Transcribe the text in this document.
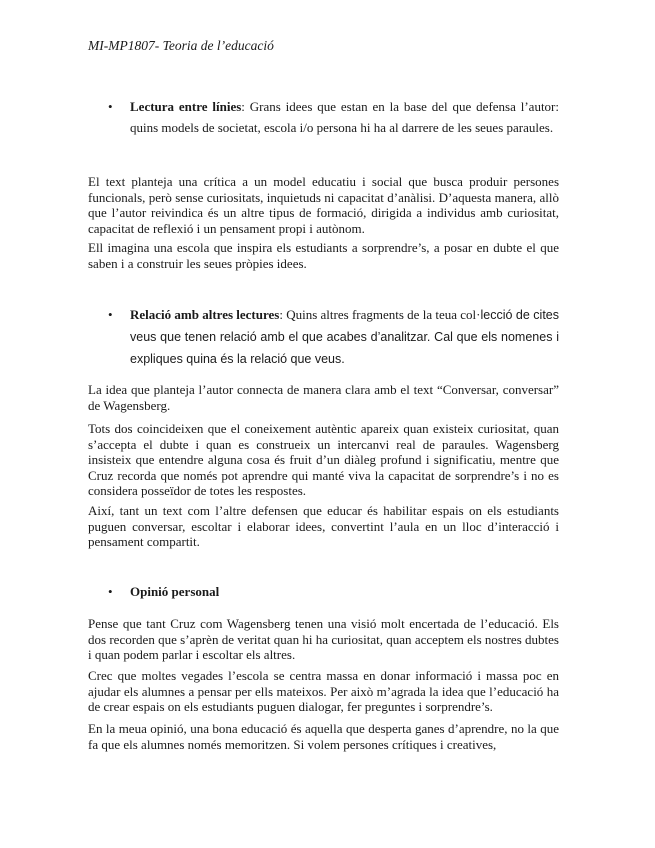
MI-MP1807- Teoria de l’educació
• Lectura entre línies: Grans idees que estan en la base del que defensa l’autor: quins models de societat, escola i/o persona hi ha al darrere de les seues paraules.

El text planteja una crítica a un model educatiu i social que busca produir persones funcionals, però sense curiositats, inquietuds ni capacitat d’anàlisi. D’aquesta manera, allò que l’autor reivindica és un altre tipus de formació, dirigida a individus amb curiositat, capacitat de reflexió i un pensament propi i autònom.

Ell imagina una escola que inspira els estudiants a sorprendre’s, a posar en dubte el que saben i a construir les seues pròpies idees.

• Relació amb altres lectures: Quins altres fragments de la teua col·lecció de cites veus que tenen relació amb el que acabes d’analitzar. Cal que els nomenes i expliques quina és la relació que veus.

La idea que planteja l’autor connecta de manera clara amb el text “Conversar, conversar” de Wagensberg.

Tots dos coincideixen que el coneixement autèntic apareix quan existeix curiositat, quan s’accepta el dubte i quan es construeix un intercanvi real de paraules. Wagensberg insisteix que entendre alguna cosa és fruit d’un diàleg profund i significatiu, mentre que Cruz recorda que només pot aprendre qui manté viva la capacitat de sorprendre’s i no es considera posseïdor de totes les respostes.

Així, tant un text com l’altre defensen que educar és habilitar espais on els estudiants puguen conversar, escoltar i elaborar idees, convertint l’aula en un lloc d’interacció i pensament compartit.

• Opinió personal

Pense que tant Cruz com Wagensberg tenen una visió molt encertada de l’educació. Els dos recorden que s’aprèn de veritat quan hi ha curiositat, quan acceptem els nostres dubtes i quan podem parlar i escoltar els altres.

Crec que moltes vegades l’escola se centra massa en donar informació i massa poc en ajudar els alumnes a pensar per ells mateixos. Per això m’agrada la idea que l’educació ha de crear espais on els estudiants puguen dialogar, fer preguntes i sorprendre’s.

En la meua opinió, una bona educació és aquella que desperta ganes d’aprendre, no la que fa que els alumnes només memoritzen. Si volem persones crítiques i creatives,
